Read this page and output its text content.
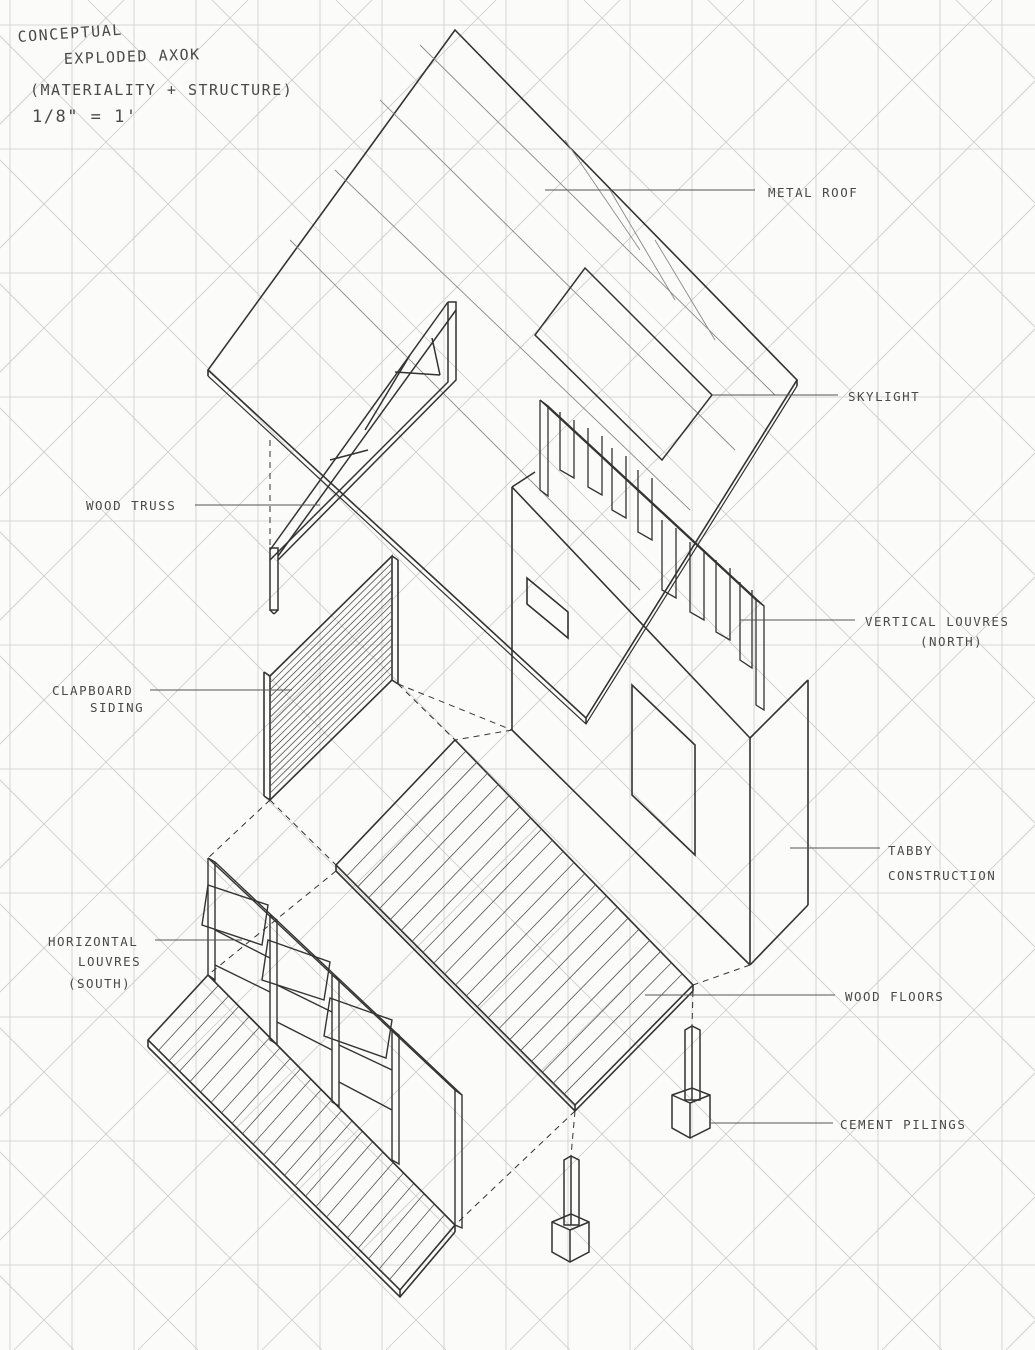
CONCEPTUAL
EXPLODED AXOK
(MATERIALITY + STRUCTURE)
1/8" = 1'
METAL ROOF
SKYLIGHT
WOOD TRUSS
VERTICAL LOUVRES
(NORTH)
CLAPBOARD
SIDING
TABBY
CONSTRUCTION
HORIZONTAL
LOUVRES
(SOUTH)
WOOD FLOORS
CEMENT PILINGS
